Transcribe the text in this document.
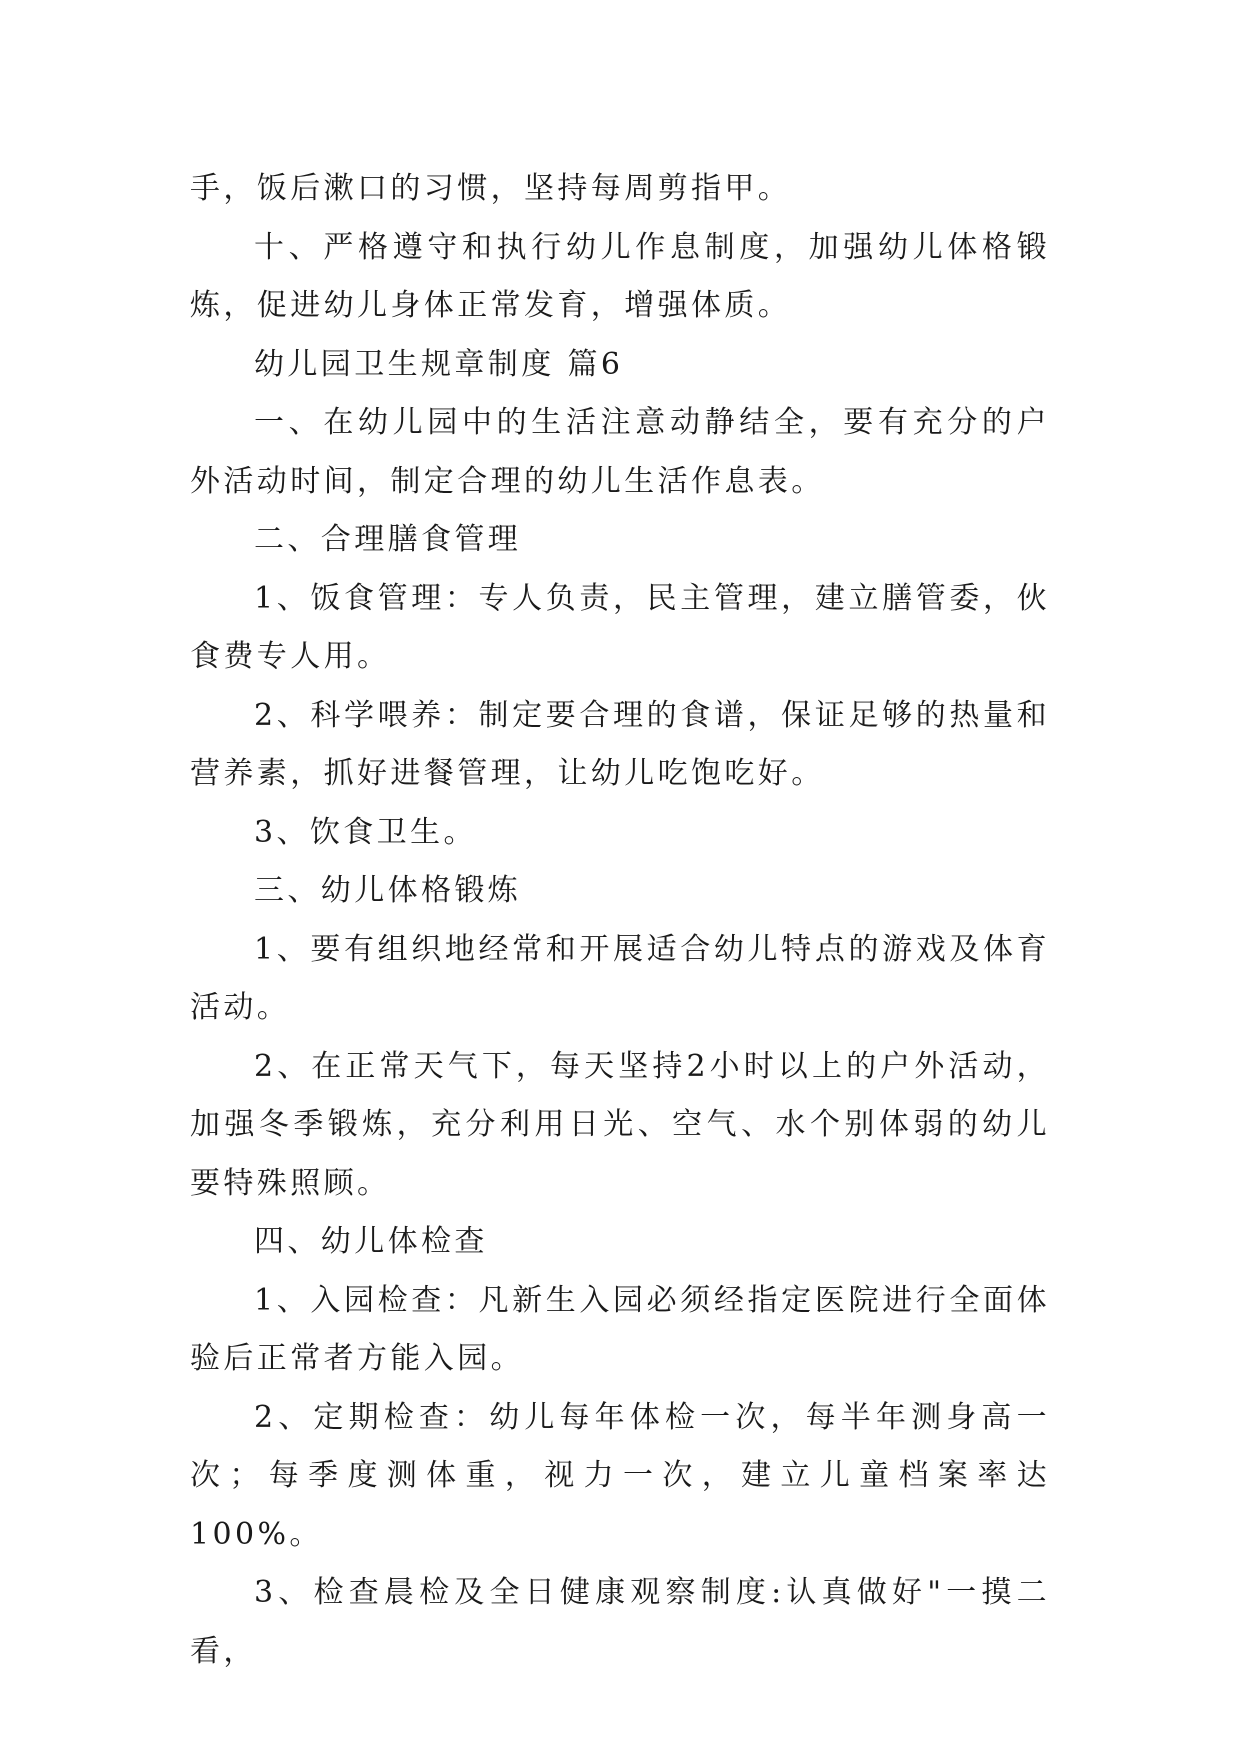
手，饭后漱口的习惯，坚持每周剪指甲。

十、严格遵守和执行幼儿作息制度，加强幼儿体格锻炼，促进幼儿身体正常发育，增强体质。

幼儿园卫生规章制度 篇6

一、在幼儿园中的生活注意动静结全，要有充分的户外活动时间，制定合理的幼儿生活作息表。

二、合理膳食管理

1、饭食管理：专人负责，民主管理，建立膳管委，伙食费专人用。

2、科学喂养：制定要合理的食谱，保证足够的热量和营养素，抓好进餐管理，让幼儿吃饱吃好。

3、饮食卫生。

三、幼儿体格锻炼

1、要有组织地经常和开展适合幼儿特点的游戏及体育活动。

2、在正常天气下，每天坚持2小时以上的户外活动，加强冬季锻炼，充分利用日光、空气、水个别体弱的幼儿要特殊照顾。

四、幼儿体检查

1、入园检查：凡新生入园必须经指定医院进行全面体验后正常者方能入园。

2、定期检查：幼儿每年体检一次，每半年测身高一次；每季度测体重，视力一次，建立儿童档案率达100%。

3、检查晨检及全日健康观察制度:认真做好"一摸二看，
